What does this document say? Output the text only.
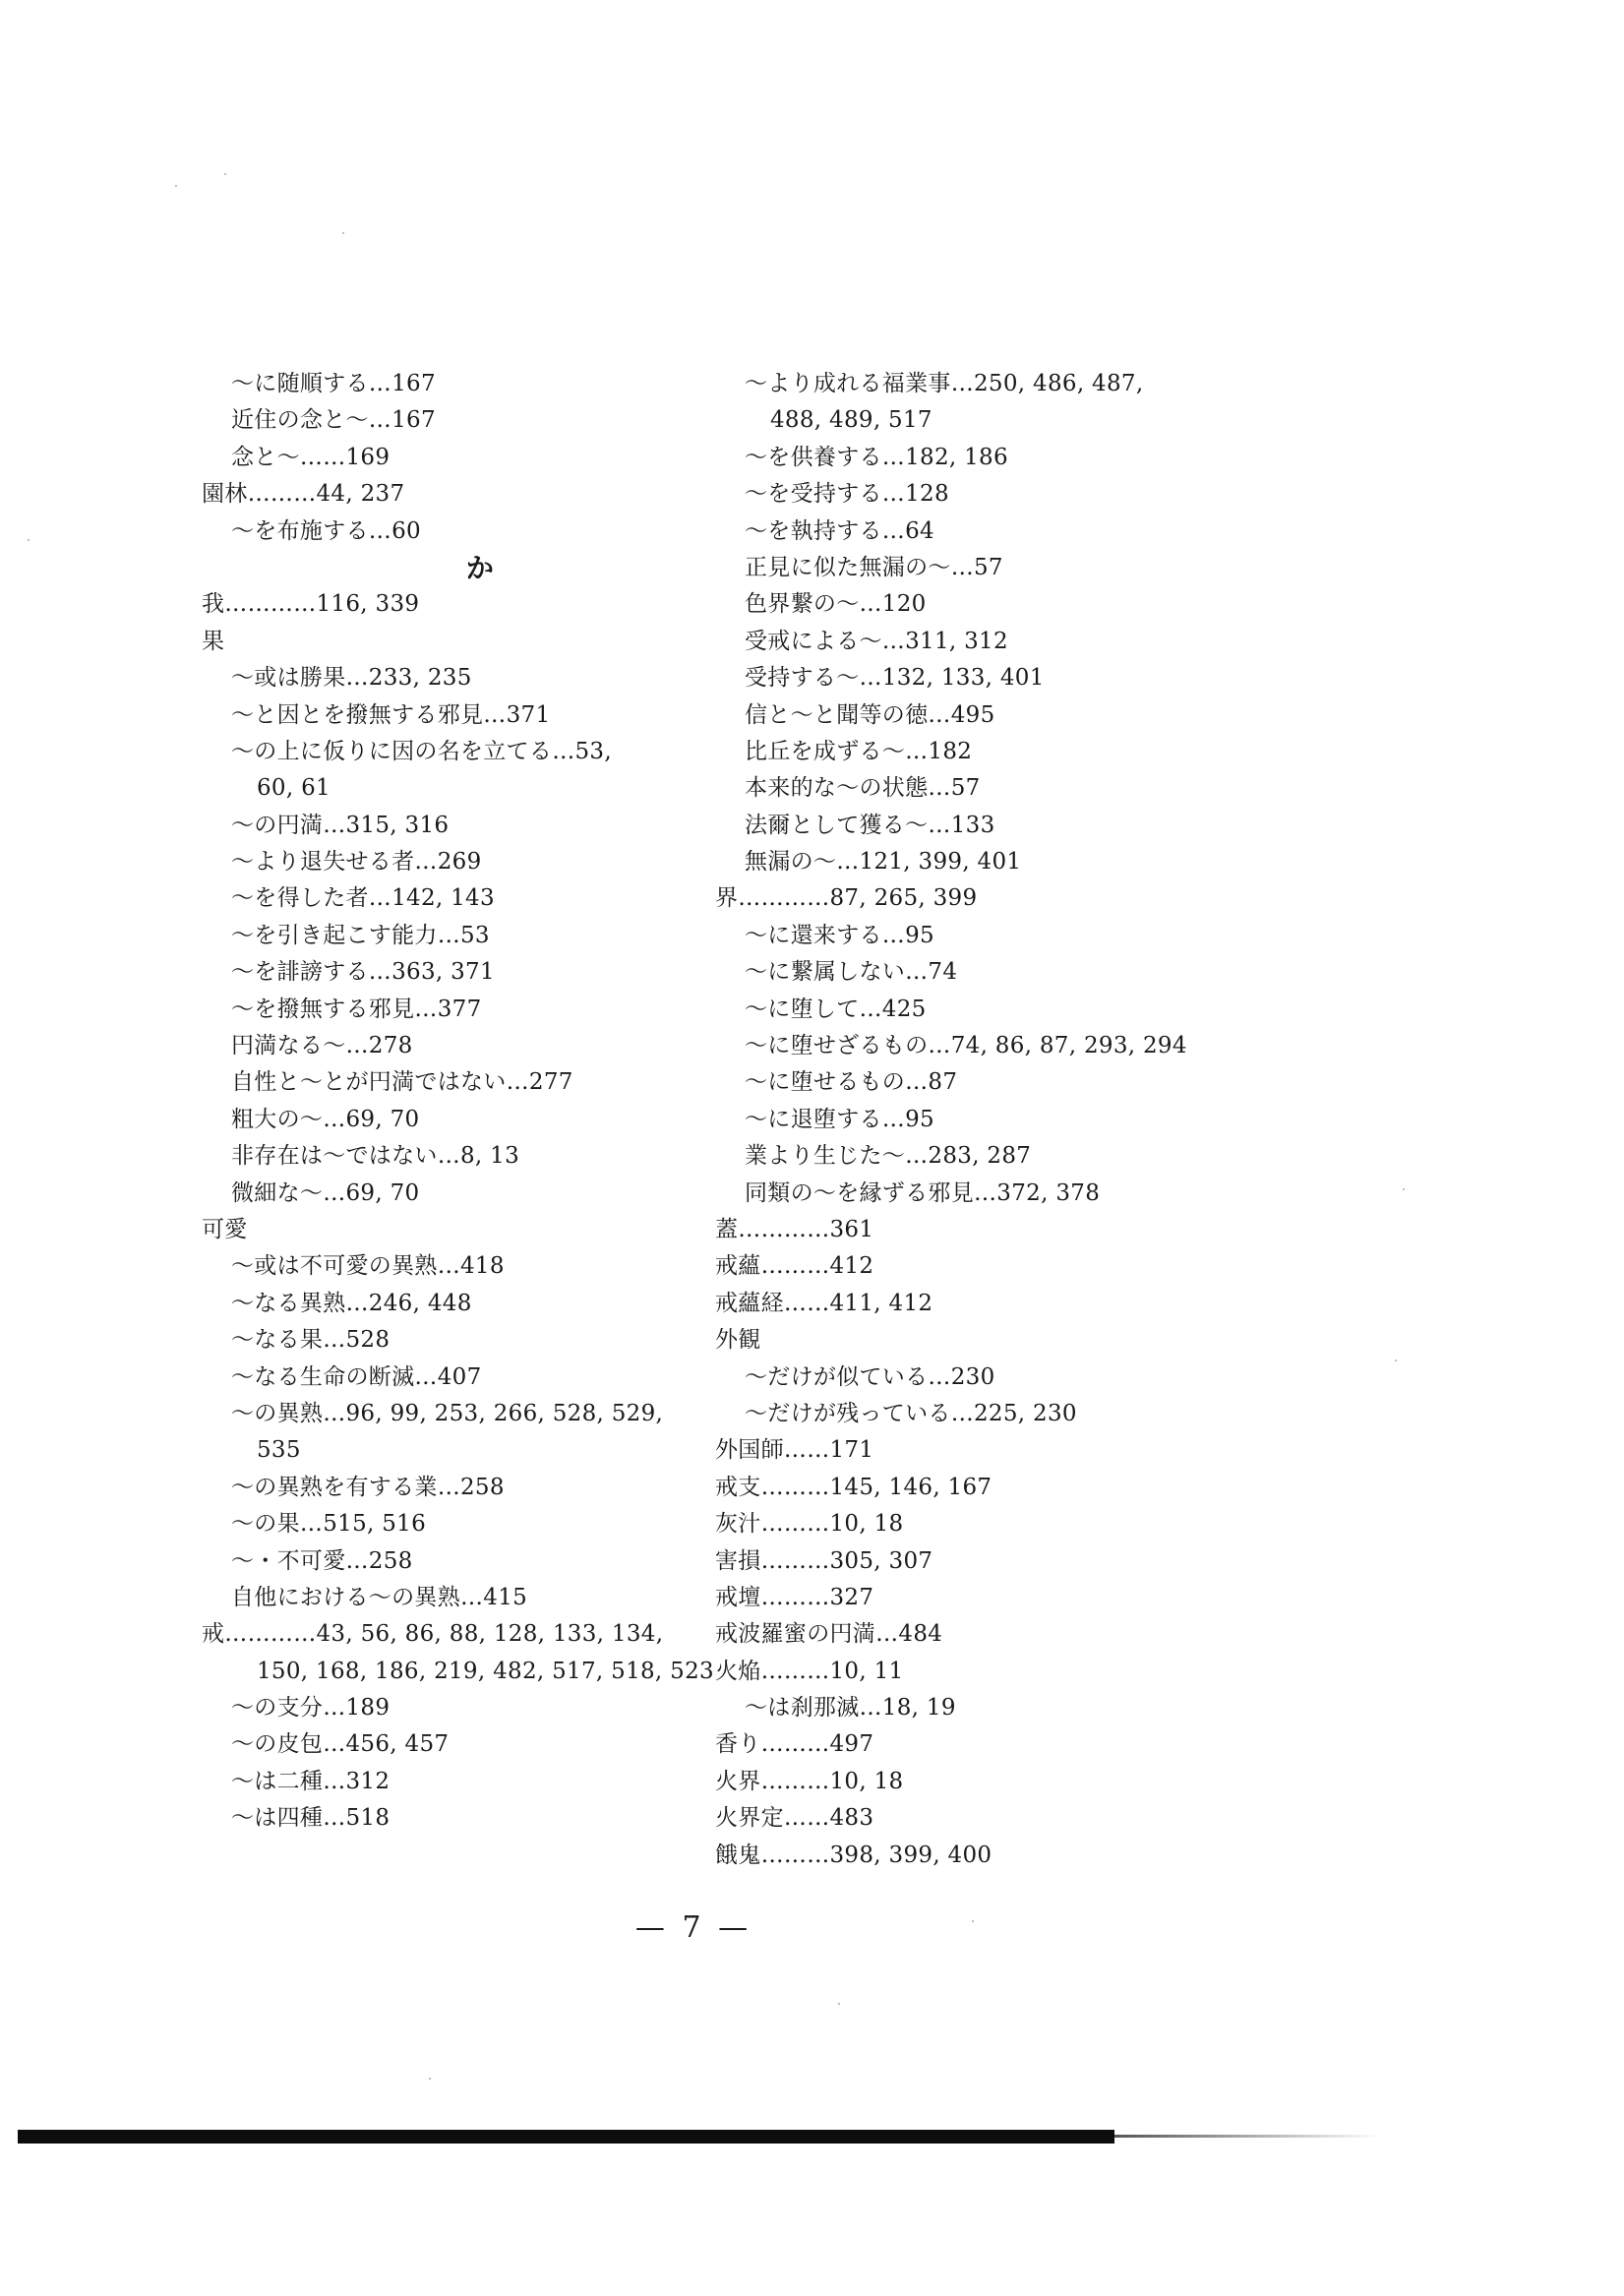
～に随順する…167
近住の念と～…167
念と～……169
園林………44, 237
～を布施する…60
か
我…………116, 339
果
～或は勝果…233, 235
～と因とを撥無する邪見…371
～の上に仮りに因の名を立てる…53,
60, 61
～の円満…315, 316
～より退失せる者…269
～を得した者…142, 143
～を引き起こす能力…53
～を誹謗する…363, 371
～を撥無する邪見…377
円満なる～…278
自性と～とが円満ではない…277
粗大の～…69, 70
非存在は～ではない…8, 13
微細な～…69, 70
可愛
～或は不可愛の異熟…418
～なる異熟…246, 448
～なる果…528
～なる生命の断滅…407
～の異熟…96, 99, 253, 266, 528, 529,
535
～の異熟を有する業…258
～の果…515, 516
～・不可愛…258
自他における～の異熟…415
戒…………43, 56, 86, 88, 128, 133, 134,
150, 168, 186, 219, 482, 517, 518, 523
～の支分…189
～の皮包…456, 457
～は二種…312
～は四種…518
～より成れる福業事…250, 486, 487,
488, 489, 517
～を供養する…182, 186
～を受持する…128
～を執持する…64
正見に似た無漏の～…57
色界繋の～…120
受戒による～…311, 312
受持する～…132, 133, 401
信と～と聞等の徳…495
比丘を成ずる～…182
本来的な～の状態…57
法爾として獲る～…133
無漏の～…121, 399, 401
界…………87, 265, 399
～に還来する…95
～に繋属しない…74
～に堕して…425
～に堕せざるもの…74, 86, 87, 293, 294
～に堕せるもの…87
～に退堕する…95
業より生じた～…283, 287
同類の～を縁ずる邪見…372, 378
蓋…………361
戒蘊………412
戒蘊経……411, 412
外観
～だけが似ている…230
～だけが残っている…225, 230
外国師……171
戒支………145, 146, 167
灰汁………10, 18
害損………305, 307
戒壇………327
戒波羅蜜の円満…484
火焔………10, 11
～は刹那滅…18, 19
香り………497
火界………10, 18
火界定……483
餓鬼………398, 399, 400
— 7 —
